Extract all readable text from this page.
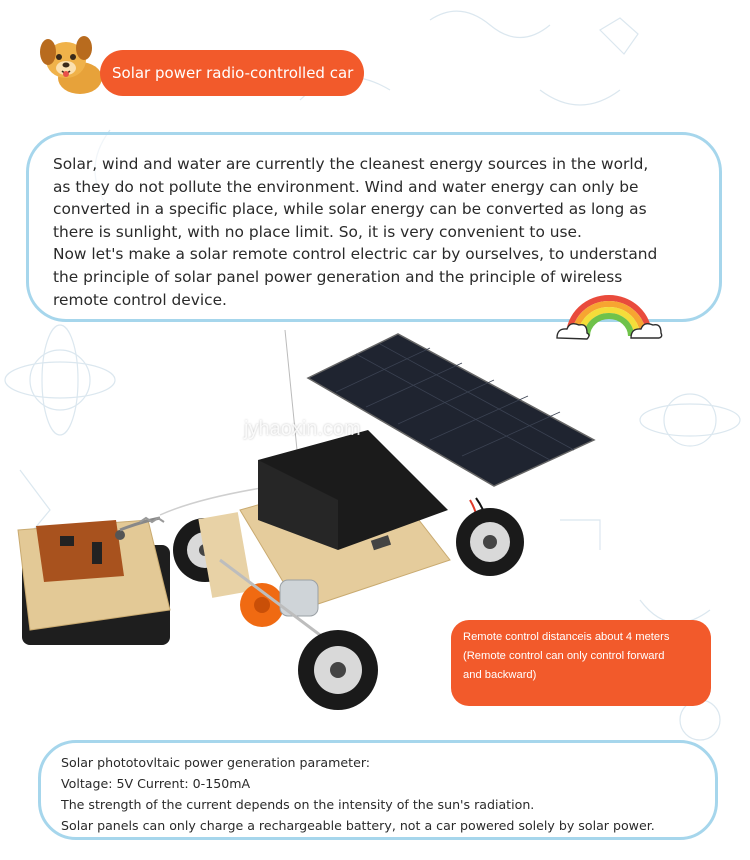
Solar power radio-controlled car

Solar, wind and water are currently the cleanest energy sources in the world,

as they do not pollute the environment. Wind and water energy can only be

converted in a specific place, while solar energy can be converted as long as

there is sunlight, with no place limit. So, it is very convenient to use.

Now let's make a solar remote control electric car by ourselves, to understand

the principle of solar panel power generation and the principle of wireless

remote control device.

jyhaoxin.com
Remote control distanceis about 4 meters
(Remote control can only control forward
and backward)
Solar phototovltaic power generation parameter:
Voltage: 5V Current: 0-150mA
The strength of the current depends on the intensity of the sun's radiation.
Solar panels can only charge a rechargeable battery, not a car powered solely by solar power.
